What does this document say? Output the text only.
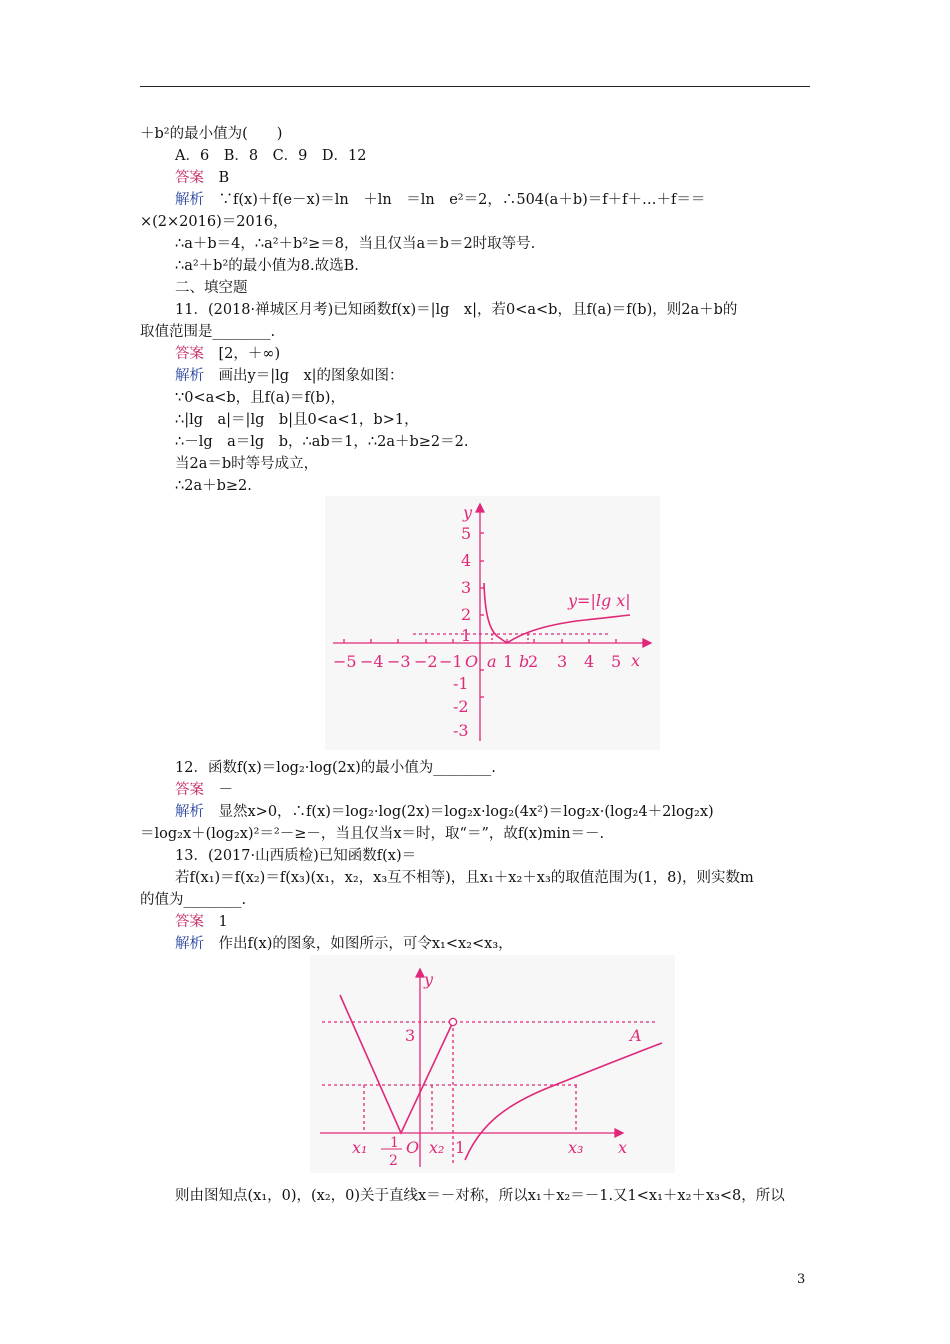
＋b²的最小值为(　　)
A．6　B．8　C．9　D．12
答案　B
解析　∵f(x)＋f(e－x)＝ln　＋ln　＝ln　e²＝2，∴504(a＋b)＝f＋f＋…＋f＝＝
×(2×2016)＝2016，
∴a＋b＝4，∴a²＋b²≥＝8，当且仅当a＝b＝2时取等号.
∴a²＋b²的最小值为8.故选B.
二、填空题
11．(2018·禅城区月考)已知函数f(x)＝|lg　x|，若0<a<b，且f(a)＝f(b)，则2a＋b的
取值范围是________.
答案　[2，＋∞)
解析　画出y＝|lg　x|的图象如图：
∵0<a<b，且f(a)＝f(b)，
∴|lg　a|＝|lg　b|且0<a<1，b>1，
∴－lg　a＝lg　b，∴ab＝1，∴2a＋b≥2＝2.
当2a＝b时等号成立，
∴2a＋b≥2.
y
5
4
3
2
1
-1
-2
-3
−5 −4 −3 −2 −1 O a 1 b
2 3 4 5 x
y=|lg x|
12．函数f(x)＝log₂·log(2x)的最小值为________.
答案　－
解析　显然x>0，∴f(x)＝log₂·log(2x)＝log₂x·log₂(4x²)＝log₂x·(log₂4＋2log₂x)
＝log₂x＋(log₂x)²＝²－≥－，当且仅当x＝时，取“＝”，故f(x)min＝－.
13．(2017·山西质检)已知函数f(x)＝
若f(x₁)＝f(x₂)＝f(x₃)(x₁，x₂，x₃互不相等)，且x₁＋x₂＋x₃的取值范围为(1，8)，则实数m
的值为________.
答案　1
解析　作出f(x)的图象，如图所示，可令x₁<x₂<x₃，
y
3
x
x₁ 1
2
O x₂ 1	x₃
A
则由图知点(x₁，0)，(x₂，0)关于直线x＝－对称，所以x₁＋x₂＝－1.又1<x₁＋x₂＋x₃<8，所以
3
